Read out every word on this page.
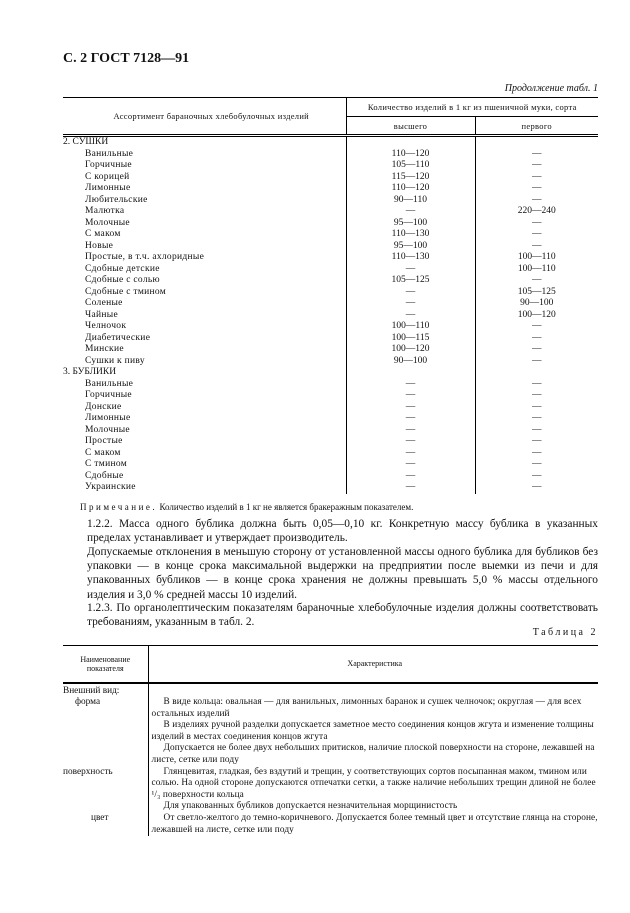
С. 2 ГОСТ 7128—91
Продолжение табл. 1
Ассортимент бараночных хлебобулочных изделий	Количество изделий в 1 кг из пшеничной муки, сорта	
	высшего	первого
2. СУШКИ		
Ванильные	110—120	—
Горчичные	105—110	—
С корицей	115—120	—
Лимонные	110—120	—
Любительские	90—110	—
Малютка	—	220—240
Молочные	95—100	—
С маком	110—130	—
Новые	95—100	—
Простые, в т.ч. ахлоридные	110—130	100—110
Сдобные детские	—	100—110
Сдобные с солью	105—125	—
Сдобные с тмином	—	105—125
Соленые	—	90—100
Чайные	—	100—120
Челночок	100—110	—
Диабетические	100—115	—
Минские	100—120	—
Сушки к пиву	90—100	—
3. БУБЛИКИ		
Ванильные	—	—
Горчичные	—	—
Донские	—	—
Лимонные	—	—
Молочные	—	—
Простые	—	—
С маком	—	—
С тмином	—	—
Сдобные	—	—
Украинские	—	—
Примечание. Количество изделий в 1 кг не является бракеражным показателем.
1.2.2. Масса одного бублика должна быть 0,05—0,10 кг. Конкретную массу бублика в указанных пределах устанавливает и утверждает производитель.
Допускаемые отклонения в меньшую сторону от установленной массы одного бублика для бубликов без упаковки — в конце срока максимальной выдержки на предприятии после выемки из печи и для упакованных бубликов — в конце срока хранения не должны превышать 5,0 % массы отдельного изделия и 3,0 % средней массы 10 изделий.
1.2.3. По органолептическим показателям бараночные хлебобулочные изделия должны соответствовать требованиям, указанным в табл. 2.
Таблица 2
Наименование показателя	Характеристика
Внешний вид:	
форма	В виде кольца: овальная — для ванильных, лимонных баранок и сушек челночок; округлая — для всех остальных изделий

В изделиях ручной разделки допускается заметное место соединения концов жгута и изменение толщины изделий в местах соединения концов жгута

Допускается не более двух небольших притисков, наличие плоской поверхности на стороне, лежавшей на листе, сетке или поду

поверхность	Глянцевитая, гладкая, без вздутий и трещин, у соответствующих сортов посыпанная маком, тмином или солью. На одной стороне допускаются отпечатки сетки, а также наличие небольших трещин длиной не более ¹/₃ поверхности кольца

Для упакованных бубликов допускается незначительная морщинистость

цвет	От светло-желтого до темно-коричневого. Допускается более темный цвет и отсутствие глянца на стороне, лежавшей на листе, сетке или поду
